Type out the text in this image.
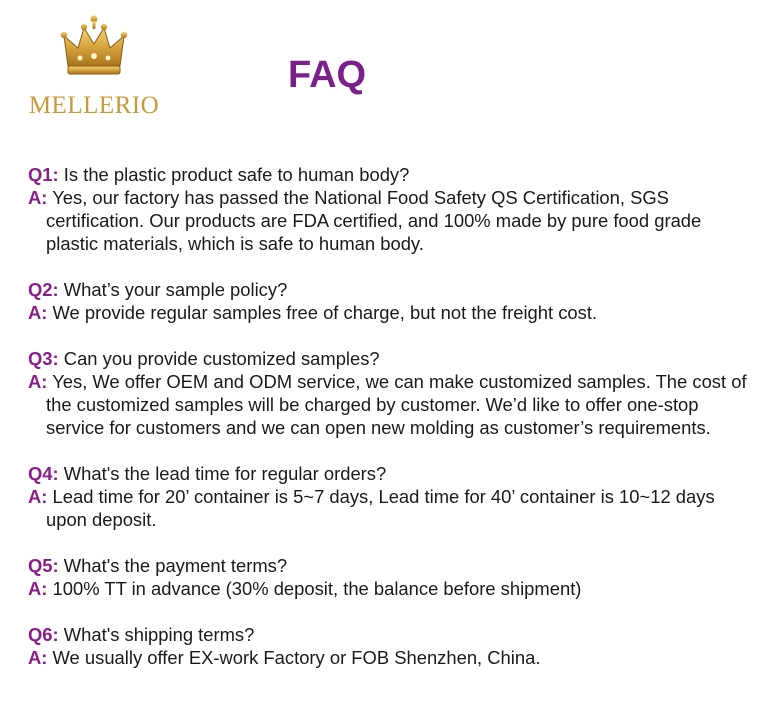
MELLERIO
FAQ
Q1: Is the plastic product safe to human body?
A: Yes, our factory has passed the National Food Safety QS Certification, SGS certification. Our products are FDA certified, and 100% made by pure food grade plastic materials, which is safe to human body.
Q2: What’s your sample policy?
A: We provide regular samples free of charge, but not the freight cost.
Q3: Can you provide customized samples?
A: Yes, We offer OEM and ODM service, we can make customized samples. The cost of the customized samples will be charged by customer. We’d like to offer one-stop service for customers and we can open new molding as customer’s requirements.
Q4: What's the lead time for regular orders?
A: Lead time for 20’ container is 5~7 days, Lead time for 40’ container is 10~12 days upon deposit.
Q5: What's the payment terms?
A: 100% TT in advance (30% deposit, the balance before shipment)
Q6: What's shipping terms?
A: We usually offer EX-work Factory or FOB Shenzhen, China.
